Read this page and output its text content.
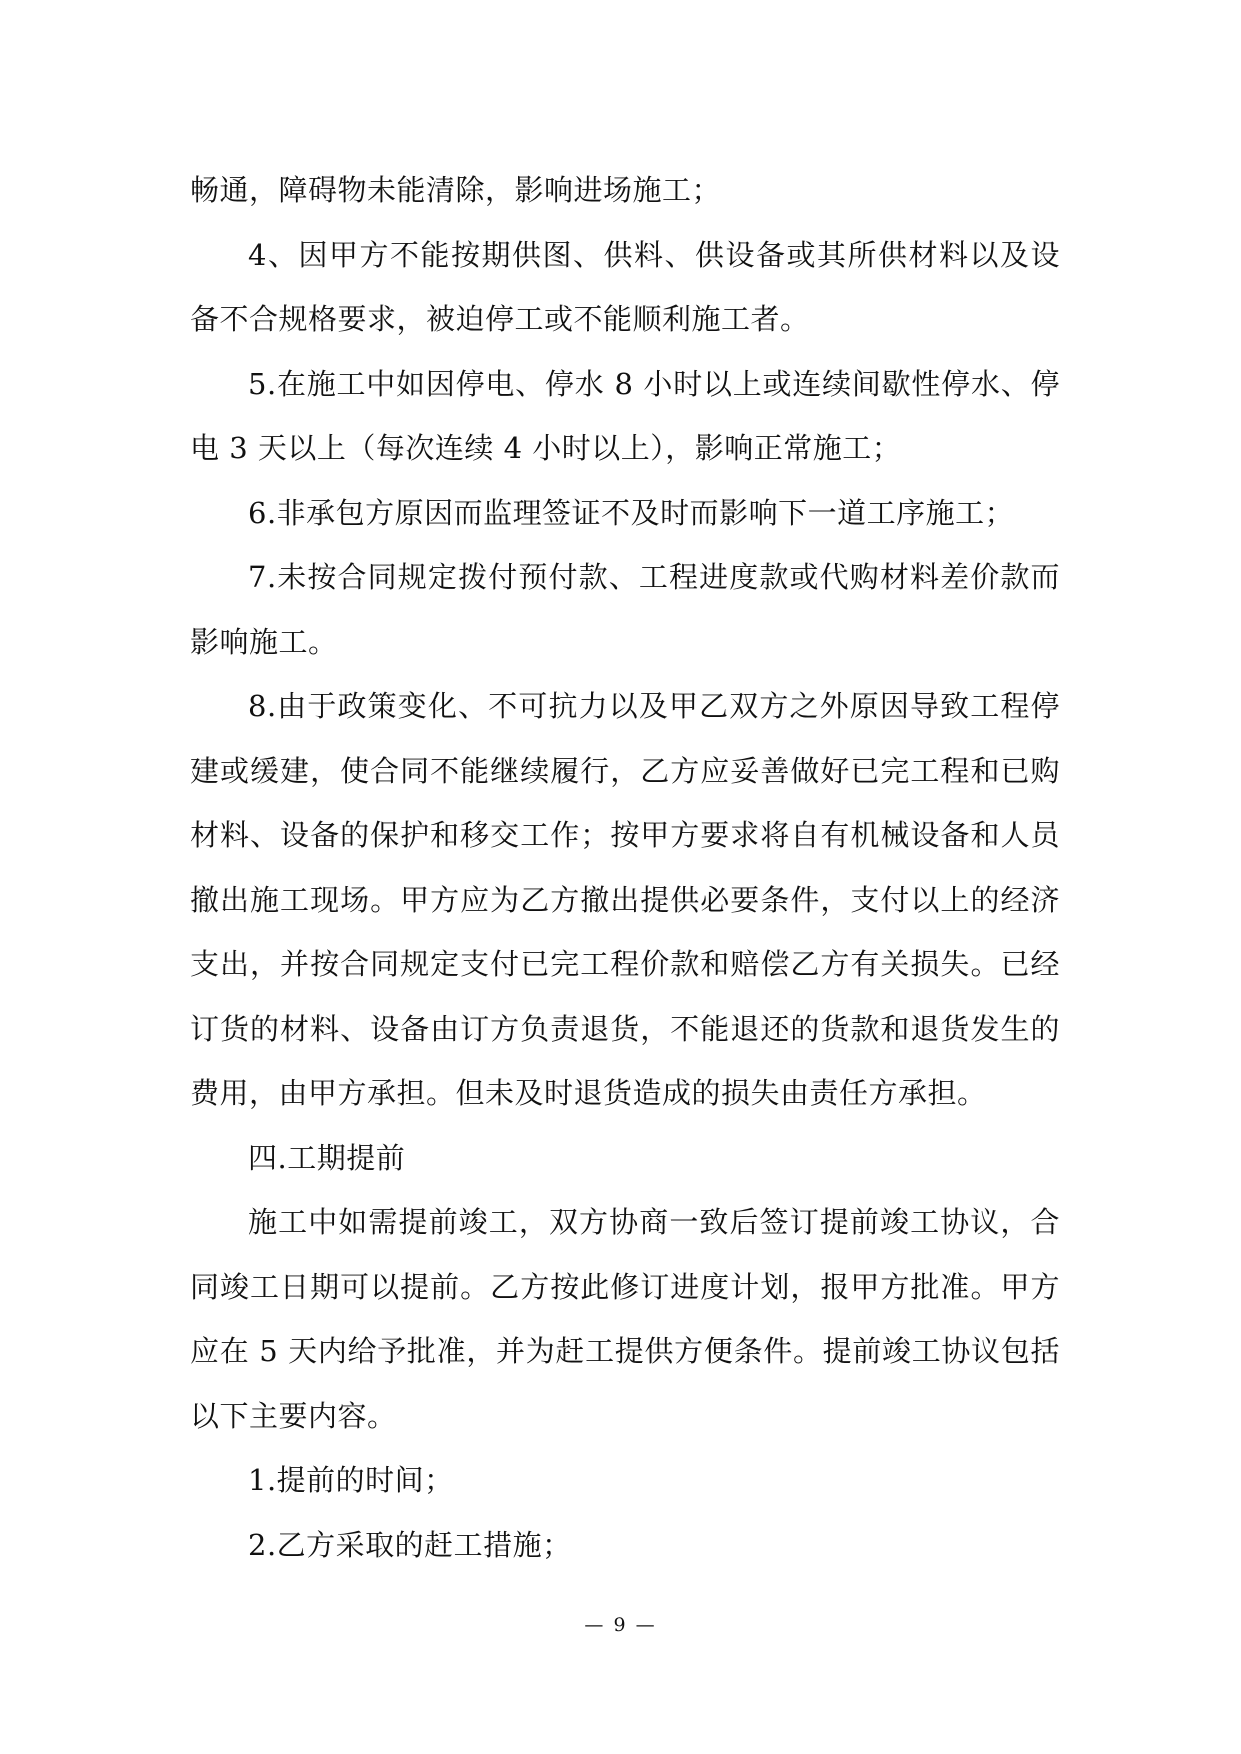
畅通，障碍物未能清除，影响进场施工；

4、因甲方不能按期供图、供料、供设备或其所供材料以及设备不合规格要求，被迫停工或不能顺利施工者。

5.在施工中如因停电、停水 8 小时以上或连续间歇性停水、停电 3 天以上（每次连续 4 小时以上），影响正常施工；

6.非承包方原因而监理签证不及时而影响下一道工序施工；

7.未按合同规定拨付预付款、工程进度款或代购材料差价款而影响施工。

8.由于政策变化、不可抗力以及甲乙双方之外原因导致工程停建或缓建，使合同不能继续履行，乙方应妥善做好已完工程和已购材料、设备的保护和移交工作；按甲方要求将自有机械设备和人员撤出施工现场。甲方应为乙方撤出提供必要条件，支付以上的经济支出，并按合同规定支付已完工程价款和赔偿乙方有关损失。已经订货的材料、设备由订方负责退货，不能退还的货款和退货发生的费用，由甲方承担。但未及时退货造成的损失由责任方承担。

四.工期提前

施工中如需提前竣工，双方协商一致后签订提前竣工协议，合同竣工日期可以提前。乙方按此修订进度计划，报甲方批准。甲方应在 5 天内给予批准，并为赶工提供方便条件。提前竣工协议包括以下主要内容。

1.提前的时间；

2.乙方采取的赶工措施；

— 9 —
